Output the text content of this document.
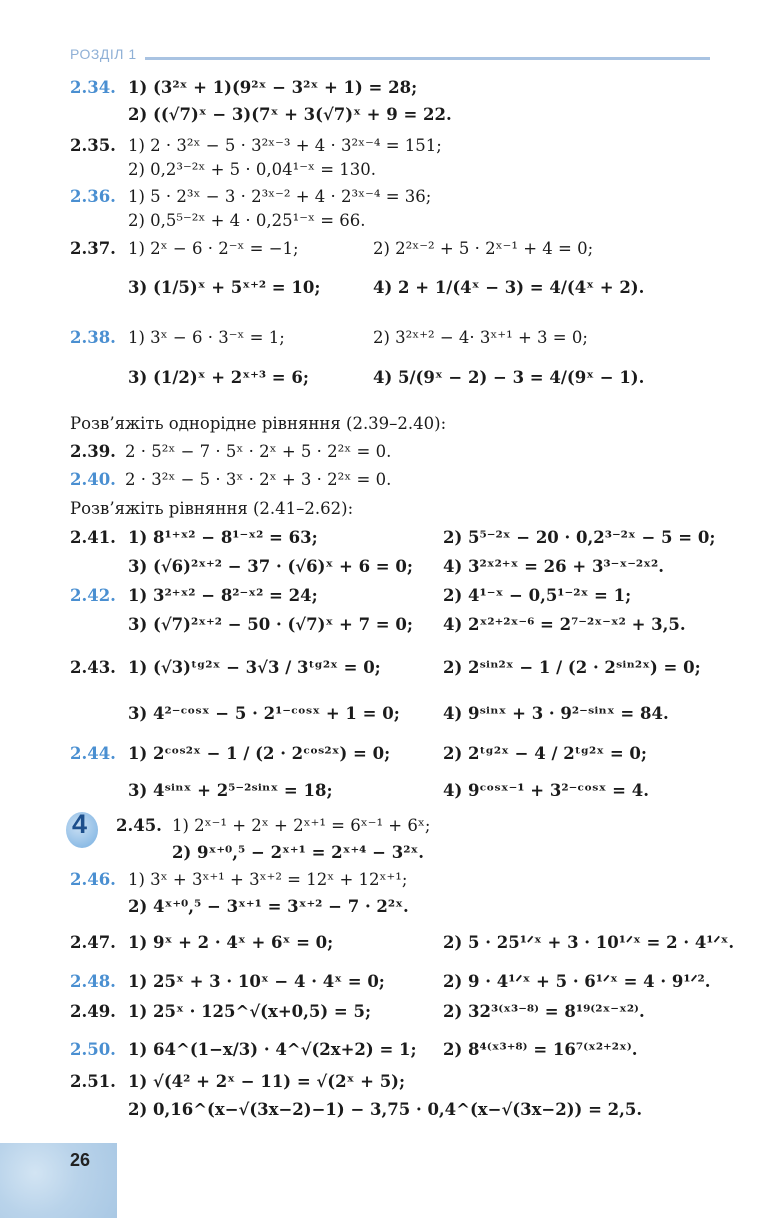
РОЗДІЛ 1
2.34. 1) (3²ˣ + 1)(9²ˣ − 3²ˣ + 1) = 28;
2) ((√7)ˣ − 3)(7ˣ + 3(√7)ˣ + 9 = 22.
2.35. 1) 2 · 3²ˣ − 5 · 3²ˣ⁻³ + 4 · 3²ˣ⁻⁴ = 151;
2) 0,2³⁻²ˣ + 5 · 0,04¹⁻ˣ = 130.
2.36. 1) 5 · 2³ˣ − 3 · 2³ˣ⁻² + 4 · 2³ˣ⁻⁴ = 36;
2) 0,5⁵⁻²ˣ + 4 · 0,25¹⁻ˣ = 66.
2.37. 1) 2ˣ − 6 · 2⁻ˣ = −1;	2) 2²ˣ⁻² + 5 · 2ˣ⁻¹ + 4 = 0;
3) (1/5)ˣ + 5ˣ⁺² = 10;	4) 2 + 1/(4ˣ − 3) = 4/(4ˣ + 2).
2.38. 1) 3ˣ − 6 · 3⁻ˣ = 1;	2) 3²ˣ⁺² − 4· 3ˣ⁺¹ + 3 = 0;
3) (1/2)ˣ + 2ˣ⁺³ = 6;	4) 5/(9ˣ − 2) − 3 = 4/(9ˣ − 1).
Розв’яжіть однорідне рівняння (2.39–2.40):
2.39. 2 · 5²ˣ − 7 · 5ˣ · 2ˣ + 5 · 2²ˣ = 0.
2.40. 2 · 3²ˣ − 5 · 3ˣ · 2ˣ + 3 · 2²ˣ = 0.
Розв’яжіть рівняння (2.41–2.62):
2.41. 1) 8¹⁺ˣ² − 8¹⁻ˣ² = 63;	2) 5⁵⁻²ˣ − 20 · 0,2³⁻²ˣ − 5 = 0;
3) (√6)²ˣ⁺² − 37 · (√6)ˣ + 6 = 0; 4) 3²ˣ²⁺ˣ = 26 + 3³⁻ˣ⁻²ˣ².
2.42. 1) 3²⁺ˣ² − 8²⁻ˣ² = 24;	2) 4¹⁻ˣ − 0,5¹⁻²ˣ = 1;
3) (√7)²ˣ⁺² − 50 · (√7)ˣ + 7 = 0; 4) 2ˣ²⁺²ˣ⁻⁶ = 2⁷⁻²ˣ⁻ˣ² + 3,5.
2.43. 1) (√3)ᵗᵍ²ˣ − 3√3 / 3ᵗᵍ²ˣ = 0;	2) 2ˢⁱⁿ²ˣ − 1 / (2 · 2ˢⁱⁿ²ˣ) = 0;
3) 4²⁻ᶜᵒˢˣ − 5 · 2¹⁻ᶜᵒˢˣ + 1 = 0;	4) 9ˢⁱⁿˣ + 3 · 9²⁻ˢⁱⁿˣ = 84.
2.44. 1) 2ᶜᵒˢ²ˣ − 1 / (2 · 2ᶜᵒˢ²ˣ) = 0;	2) 2ᵗᵍ²ˣ − 4 / 2ᵗᵍ²ˣ = 0;
3) 4ˢⁱⁿˣ + 2⁵⁻²ˢⁱⁿˣ = 18;	4) 9ᶜᵒˢˣ⁻¹ + 3²⁻ᶜᵒˢˣ = 4.
4 2.45. 1) 2ˣ⁻¹ + 2ˣ + 2ˣ⁺¹ = 6ˣ⁻¹ + 6ˣ;
2) 9ˣ⁺⁰,⁵ − 2ˣ⁺¹ = 2ˣ⁺⁴ − 3²ˣ.
2.46. 1) 3ˣ + 3ˣ⁺¹ + 3ˣ⁺² = 12ˣ + 12ˣ⁺¹;
2) 4ˣ⁺⁰,⁵ − 3ˣ⁺¹ = 3ˣ⁺² − 7 · 2²ˣ.
2.47. 1) 9ˣ + 2 · 4ˣ + 6ˣ = 0;	2) 5 · 25¹ᐟˣ + 3 · 10¹ᐟˣ = 2 · 4¹ᐟˣ.
2.48. 1) 25ˣ + 3 · 10ˣ − 4 · 4ˣ = 0;	2) 9 · 4¹ᐟˣ + 5 · 6¹ᐟˣ = 4 · 9¹ᐟ².
2.49. 1) 25ˣ · 125^√(x+0,5) = 5;	2) 32³⁽ˣ³⁻⁸⁾ = 8¹⁹⁽²ˣ⁻ˣ²⁾.
2.50. 1) 64^(1−x/3) · 4^√(2x+2) = 1; 2) 8⁴⁽ˣ³⁺⁸⁾ = 16⁷⁽ˣ²⁺²ˣ⁾.
2.51. 1) √(4² + 2ˣ − 11) = √(2ˣ + 5);
2) 0,16^(x−√(3x−2)−1) − 3,75 · 0,4^(x−√(3x−2)) = 2,5.
26
